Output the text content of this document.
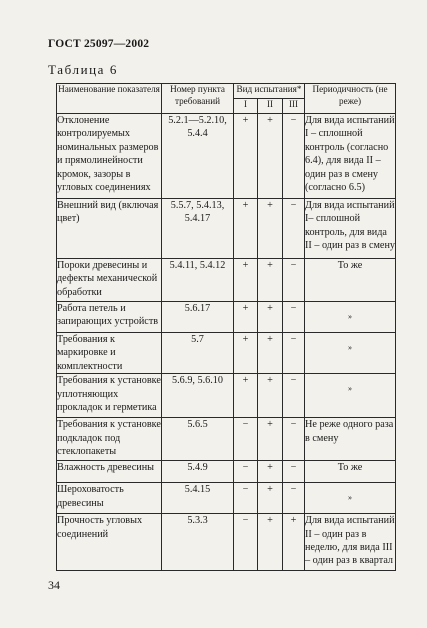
ГОСТ 25097—2002
Таблица 6
Наименование показателя	Номер пункта требований	Вид испытания*			Периодичность (не реже)
		I	II	III	
Отклонение контролируемых номинальных размеров и прямолинейности кромок, зазоры в угловых соединениях	5.2.1—5.2.10, 5.4.4	+	+	−	Для вида испытаний I – сплошной контроль (согласно 6.4), для вида II – один раз в смену (согласно 6.5)
Внешний вид (включая цвет)	5.5.7, 5.4.13, 5.4.17	+	+	−	Для вида испытаний I– сплошной контроль, для вида II – один раз в смену
Пороки древесины и дефекты механической обработки	5.4.11, 5.4.12	+	+	−	То же
Работа петель и запирающих устройств	5.6.17	+	+	−	»
Требования к маркировке и комплектности	5.7	+	+	−	»
Требования к установке уплотняющих прокладок и герметика	5.6.9, 5.6.10	+	+	−	»
Требования к установке подкладок под стеклопакеты	5.6.5	−	+	−	Не реже одного раза в смену
Влажность древесины	5.4.9	−	+	−	То же
Шероховатость древесины	5.4.15	−	+	−	»
Прочность угловых соединений	5.3.3	−	+	+	Для вида испытаний II – один раз в неделю, для вида III – один раз в квартал
34
